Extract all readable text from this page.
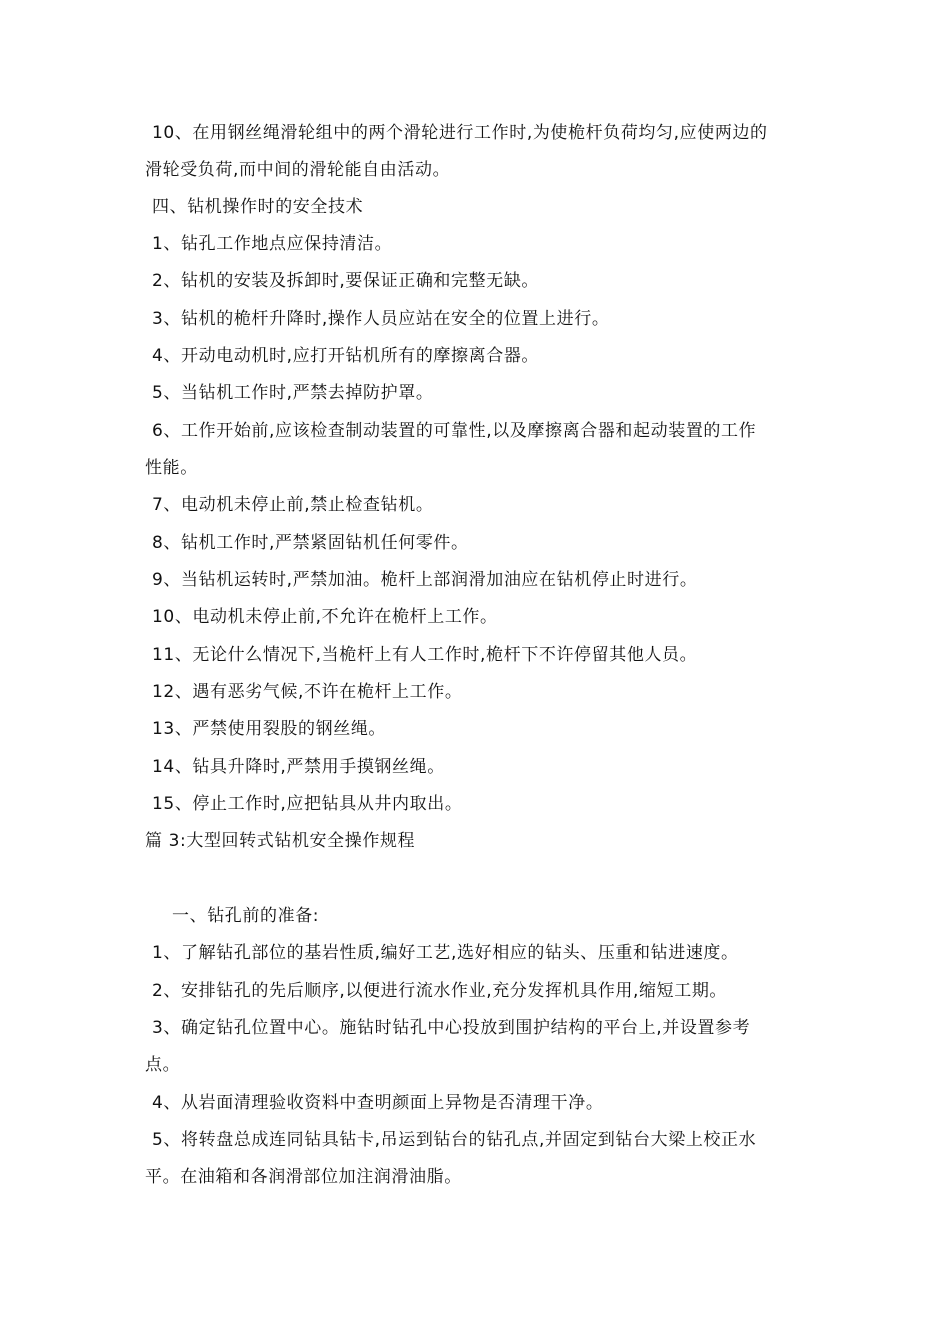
10、在用钢丝绳滑轮组中的两个滑轮进行工作时,为使桅杆负荷均匀,应使两边的
滑轮受负荷,而中间的滑轮能自由活动。
四、钻机操作时的安全技术
1、钻孔工作地点应保持清洁。
2、钻机的安装及拆卸时,要保证正确和完整无缺。
3、钻机的桅杆升降时,操作人员应站在安全的位置上进行。
4、开动电动机时,应打开钻机所有的摩擦离合器。
5、当钻机工作时,严禁去掉防护罩。
6、工作开始前,应该检查制动装置的可靠性,以及摩擦离合器和起动装置的工作
性能。
7、电动机未停止前,禁止检查钻机。
8、钻机工作时,严禁紧固钻机任何零件。
9、当钻机运转时,严禁加油。桅杆上部润滑加油应在钻机停止时进行。
10、电动机未停止前,不允许在桅杆上工作。
11、无论什么情况下,当桅杆上有人工作时,桅杆下不许停留其他人员。
12、遇有恶劣气候,不许在桅杆上工作。
13、严禁使用裂股的钢丝绳。
14、钻具升降时,严禁用手摸钢丝绳。
15、停止工作时,应把钻具从井内取出。
篇 3:大型回转式钻机安全操作规程
一、钻孔前的准备:
1、了解钻孔部位的基岩性质,编好工艺,选好相应的钻头、压重和钻进速度。
2、安排钻孔的先后顺序,以便进行流水作业,充分发挥机具作用,缩短工期。
3、确定钻孔位置中心。施钻时钻孔中心投放到围护结构的平台上,并设置参考
点。
4、从岩面清理验收资料中查明颜面上异物是否清理干净。
5、将转盘总成连同钻具钻卡,吊运到钻台的钻孔点,并固定到钻台大梁上校正水
平。在油箱和各润滑部位加注润滑油脂。
